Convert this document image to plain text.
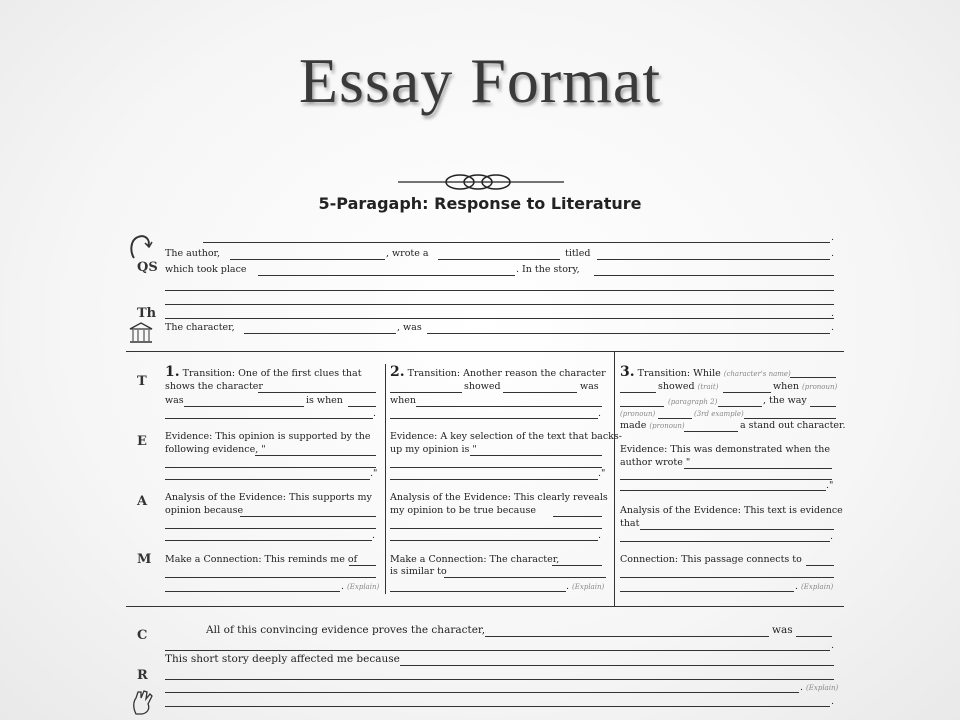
Essay Format
5-Paragaph: Response to Literature
QS
Th
T
E
A
M
C
R
.
The author,	, wrote a	titled	.
which took place	. In the story,
.
The character,	, was	.
1. Transition: One of the first clues that
shows the character
was	is when
.
Evidence: This opinion is supported by the
following evidence, "
."
Analysis of the Evidence: This supports my
opinion because
.
Make a Connection: This reminds me of
. (Explain)
2. Transition: Another reason the character
showed	was
when
.
Evidence: A key selection of the text that backs-
up my opinion is "
."
Analysis of the Evidence: This clearly reveals
my opinion to be true because
.
Make a Connection: The character,
is similar to
. (Explain)
3. Transition: While (character's name)
showed (trait)	when (pronoun)
(paragraph 2)	, the way
(pronoun)	(3rd example)
made (pronoun)	a stand out character.
Evidence: This was demonstrated when the
author wrote "
."
Analysis of the Evidence: This text is evidence
that
.
Connection: This passage connects to
. (Explain)
All of this convincing evidence proves the character,	was
.
This short story deeply affected me because
. (Explain)
.
